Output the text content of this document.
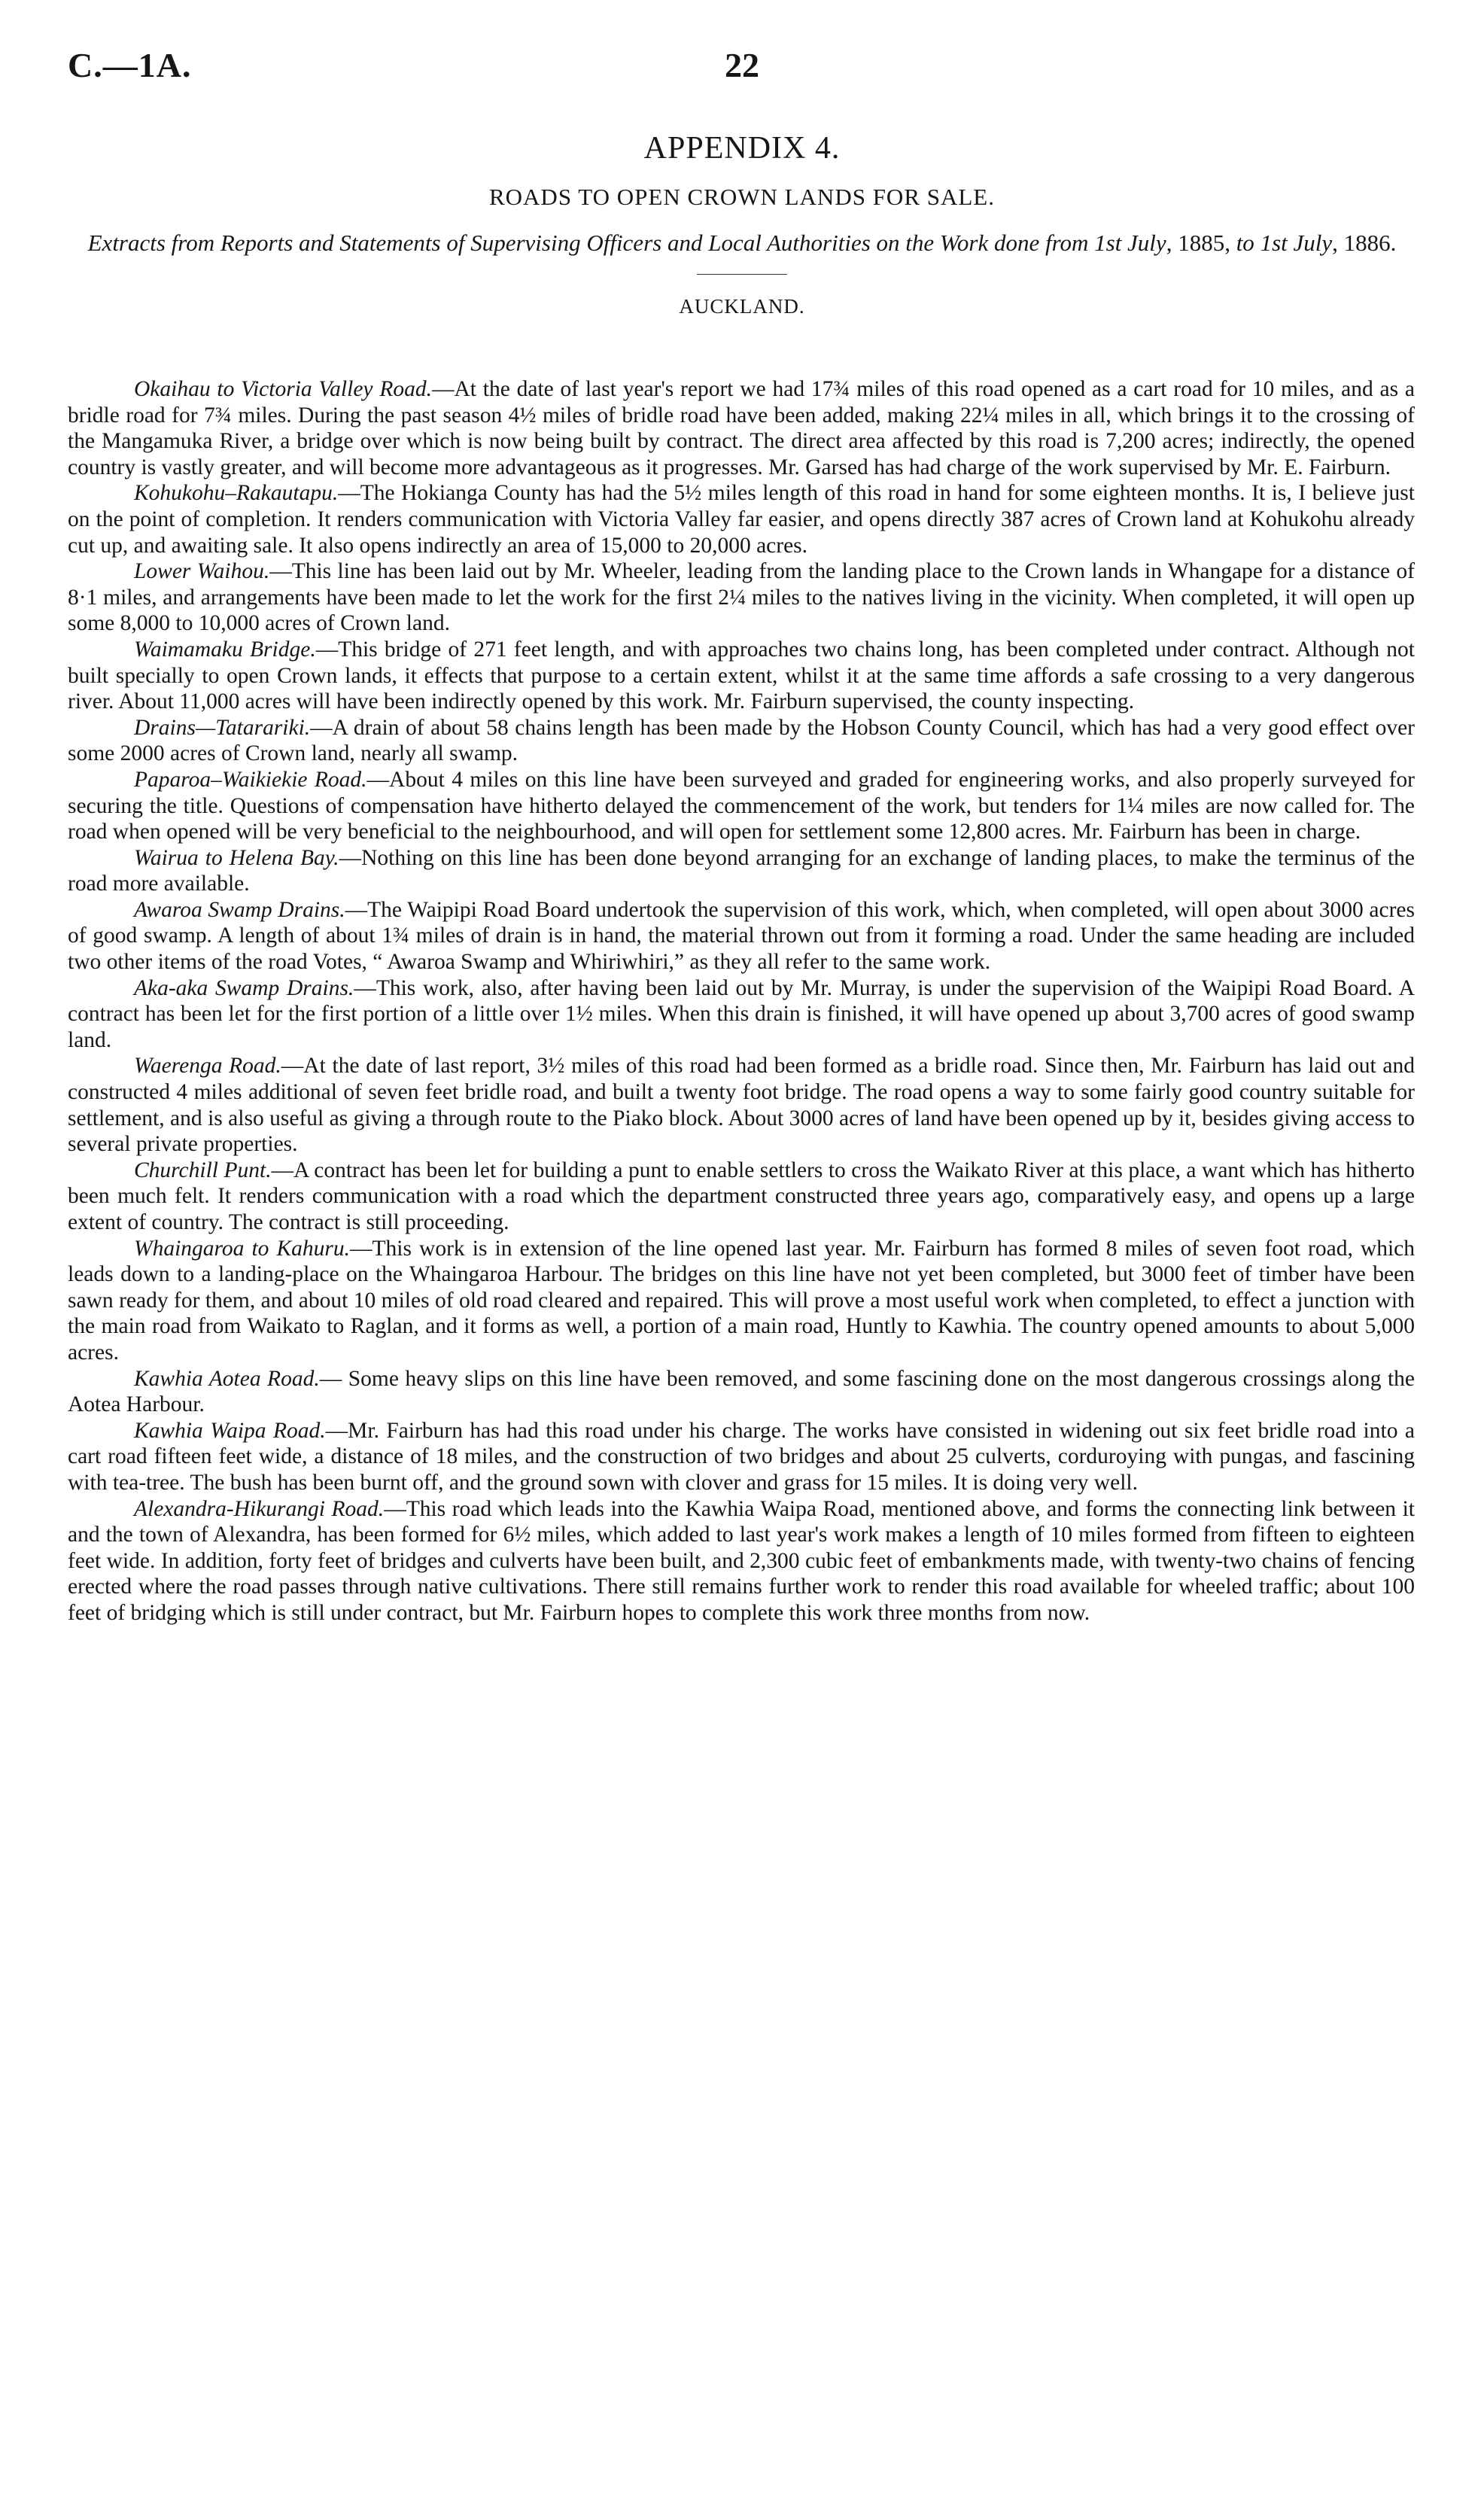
C.—1A.	22
APPENDIX 4.
ROADS TO OPEN CROWN LANDS FOR SALE.
Extracts from Reports and Statements of Supervising Officers and Local Authorities on the Work done from 1st July, 1885, to 1st July, 1886.
AUCKLAND.

Okaihau to Victoria Valley Road.—At the date of last year's report we had 17¾ miles of this road opened as a cart road for 10 miles, and as a bridle road for 7¾ miles. During the past season 4½ miles of bridle road have been added, making 22¼ miles in all, which brings it to the crossing of the Mangamuka River, a bridge over which is now being built by contract. The direct area affected by this road is 7,200 acres; indirectly, the opened country is vastly greater, and will become more advantageous as it progresses. Mr. Garsed has had charge of the work supervised by Mr. E. Fairburn.

Kohukohu–Rakautapu.—The Hokianga County has had the 5½ miles length of this road in hand for some eighteen months. It is, I believe just on the point of completion. It renders communication with Victoria Valley far easier, and opens directly 387 acres of Crown land at Kohukohu already cut up, and awaiting sale. It also opens indirectly an area of 15,000 to 20,000 acres.

Lower Waihou.—This line has been laid out by Mr. Wheeler, leading from the landing place to the Crown lands in Whangape for a distance of 8·1 miles, and arrangements have been made to let the work for the first 2¼ miles to the natives living in the vicinity. When completed, it will open up some 8,000 to 10,000 acres of Crown land.

Waimamaku Bridge.—This bridge of 271 feet length, and with approaches two chains long, has been completed under contract. Although not built specially to open Crown lands, it effects that purpose to a certain extent, whilst it at the same time affords a safe crossing to a very dangerous river. About 11,000 acres will have been indirectly opened by this work. Mr. Fairburn supervised, the county inspecting.

Drains—Tatarariki.—A drain of about 58 chains length has been made by the Hobson County Council, which has had a very good effect over some 2000 acres of Crown land, nearly all swamp.

Paparoa–Waikiekie Road.—About 4 miles on this line have been surveyed and graded for engineering works, and also properly surveyed for securing the title. Questions of compensation have hitherto delayed the commencement of the work, but tenders for 1¼ miles are now called for. The road when opened will be very beneficial to the neighbourhood, and will open for settlement some 12,800 acres. Mr. Fairburn has been in charge.

Wairua to Helena Bay.—Nothing on this line has been done beyond arranging for an exchange of landing places, to make the terminus of the road more available.

Awaroa Swamp Drains.—The Waipipi Road Board undertook the supervision of this work, which, when completed, will open about 3000 acres of good swamp. A length of about 1¾ miles of drain is in hand, the material thrown out from it forming a road. Under the same heading are included two other items of the road Votes, “ Awaroa Swamp and Whiriwhiri,” as they all refer to the same work.

Aka-aka Swamp Drains.—This work, also, after having been laid out by Mr. Murray, is under the supervision of the Waipipi Road Board. A contract has been let for the first portion of a little over 1½ miles. When this drain is finished, it will have opened up about 3,700 acres of good swamp land.

Waerenga Road.—At the date of last report, 3½ miles of this road had been formed as a bridle road. Since then, Mr. Fairburn has laid out and constructed 4 miles additional of seven feet bridle road, and built a twenty foot bridge. The road opens a way to some fairly good country suitable for settlement, and is also useful as giving a through route to the Piako block. About 3000 acres of land have been opened up by it, besides giving access to several private properties.

Churchill Punt.—A contract has been let for building a punt to enable settlers to cross the Waikato River at this place, a want which has hitherto been much felt. It renders communication with a road which the department constructed three years ago, comparatively easy, and opens up a large extent of country. The contract is still proceeding.

Whaingaroa to Kahuru.—This work is in extension of the line opened last year. Mr. Fairburn has formed 8 miles of seven foot road, which leads down to a landing-place on the Whaingaroa Harbour. The bridges on this line have not yet been completed, but 3000 feet of timber have been sawn ready for them, and about 10 miles of old road cleared and repaired. This will prove a most useful work when completed, to effect a junction with the main road from Waikato to Raglan, and it forms as well, a portion of a main road, Huntly to Kawhia. The country opened amounts to about 5,000 acres.

Kawhia Aotea Road.— Some heavy slips on this line have been removed, and some fascining done on the most dangerous crossings along the Aotea Harbour.

Kawhia Waipa Road.—Mr. Fairburn has had this road under his charge. The works have consisted in widening out six feet bridle road into a cart road fifteen feet wide, a distance of 18 miles, and the construction of two bridges and about 25 culverts, corduroying with pungas, and fascining with tea-tree. The bush has been burnt off, and the ground sown with clover and grass for 15 miles. It is doing very well.

Alexandra-Hikurangi Road.—This road which leads into the Kawhia Waipa Road, mentioned above, and forms the connecting link between it and the town of Alexandra, has been formed for 6½ miles, which added to last year's work makes a length of 10 miles formed from fifteen to eighteen feet wide. In addition, forty feet of bridges and culverts have been built, and 2,300 cubic feet of embankments made, with twenty-two chains of fencing erected where the road passes through native cultivations. There still remains further work to render this road available for wheeled traffic; about 100 feet of bridging which is still under contract, but Mr. Fairburn hopes to complete this work three months from now.
